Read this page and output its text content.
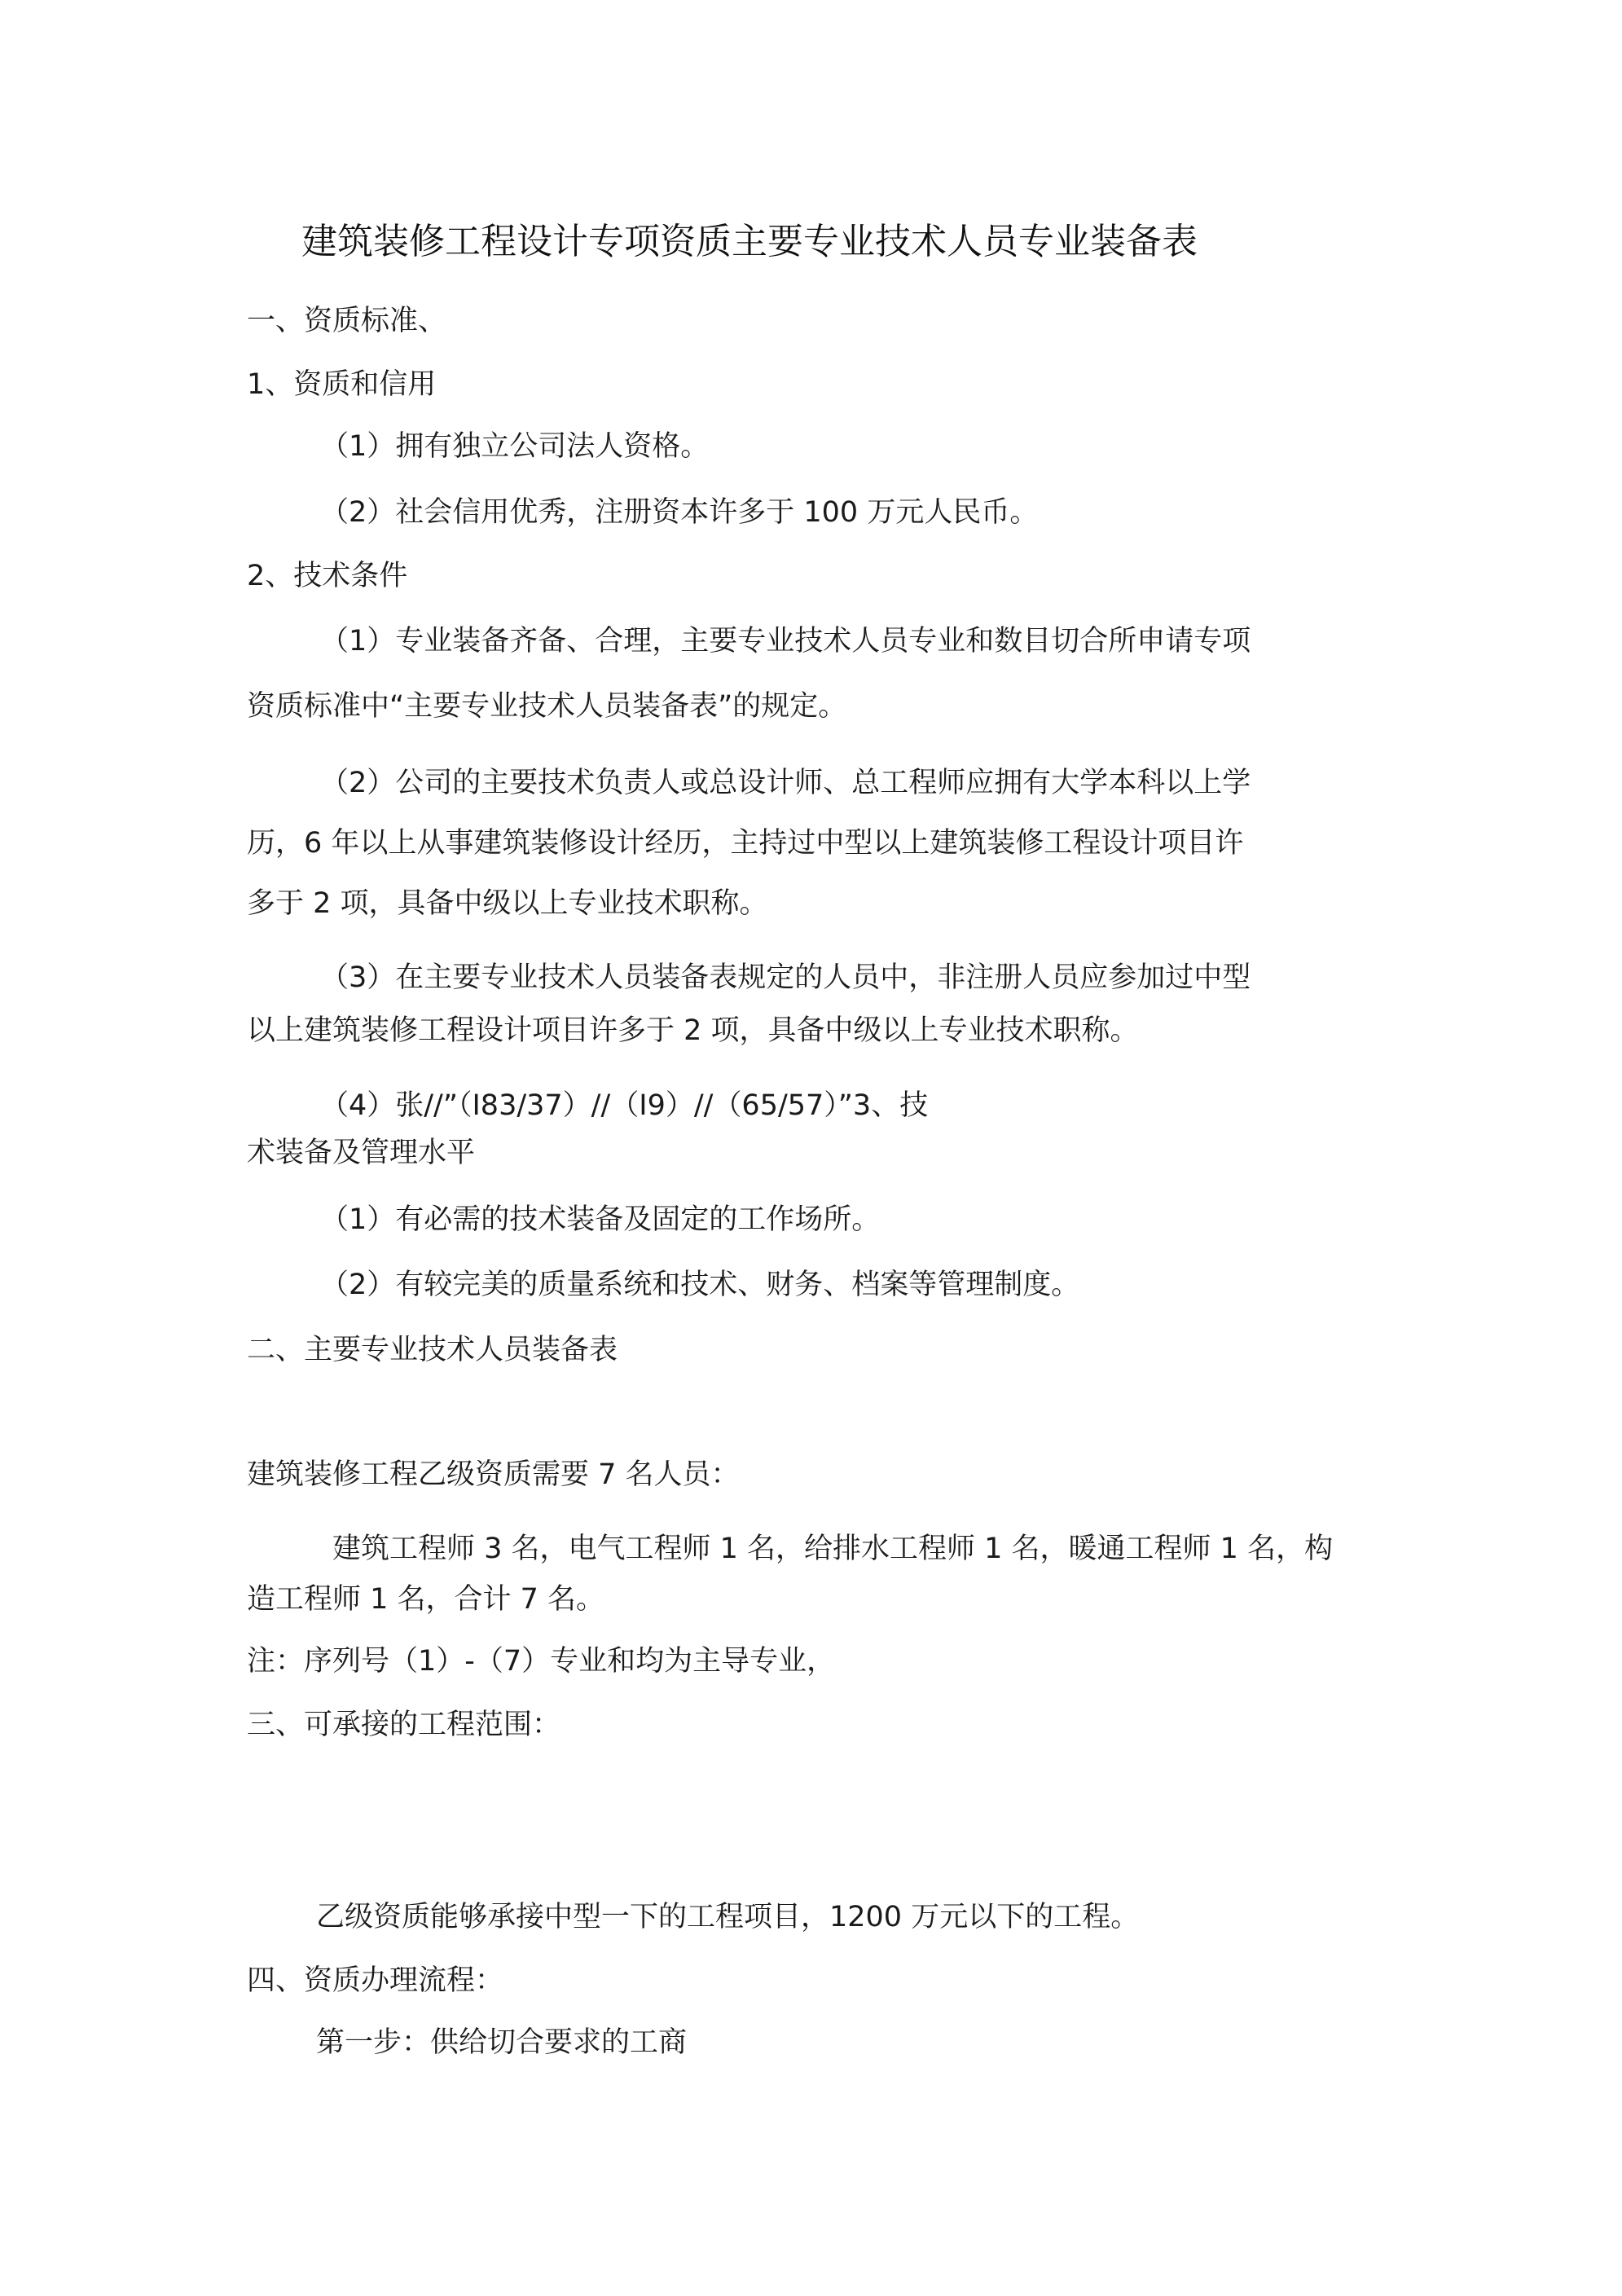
建筑装修工程设计专项资质主要专业技术人员专业装备表
一、资质标准、
1、资质和信用
（1）拥有独立公司法人资格。
（2）社会信用优秀，注册资本许多于 100 万元人民币。
2、技术条件
（1）专业装备齐备、合理，主要专业技术人员专业和数目切合所申请专项
资质标准中“主要专业技术人员装备表”的规定。
（2）公司的主要技术负责人或总设计师、总工程师应拥有大学本科以上学
历，6 年以上从事建筑装修设计经历，主持过中型以上建筑装修工程设计项目许
多于 2 项，具备中级以上专业技术职称。
（3）在主要专业技术人员装备表规定的人员中，非注册人员应参加过中型
以上建筑装修工程设计项目许多于 2 项，具备中级以上专业技术职称。
（4）张//”（I83/37）//（I9）//（65/57）”3、技
术装备及管理水平
（1）有必需的技术装备及固定的工作场所。
（2）有较完美的质量系统和技术、财务、档案等管理制度。
二、主要专业技术人员装备表
建筑装修工程乙级资质需要 7 名人员：
建筑工程师 3 名，电气工程师 1 名，给排水工程师 1 名，暖通工程师 1 名，构
造工程师 1 名，合计 7 名。
注：序列号（1）-（7）专业和均为主导专业，
三、可承接的工程范围：
乙级资质能够承接中型一下的工程项目，1200 万元以下的工程。
四、资质办理流程：
第一步：供给切合要求的工商
